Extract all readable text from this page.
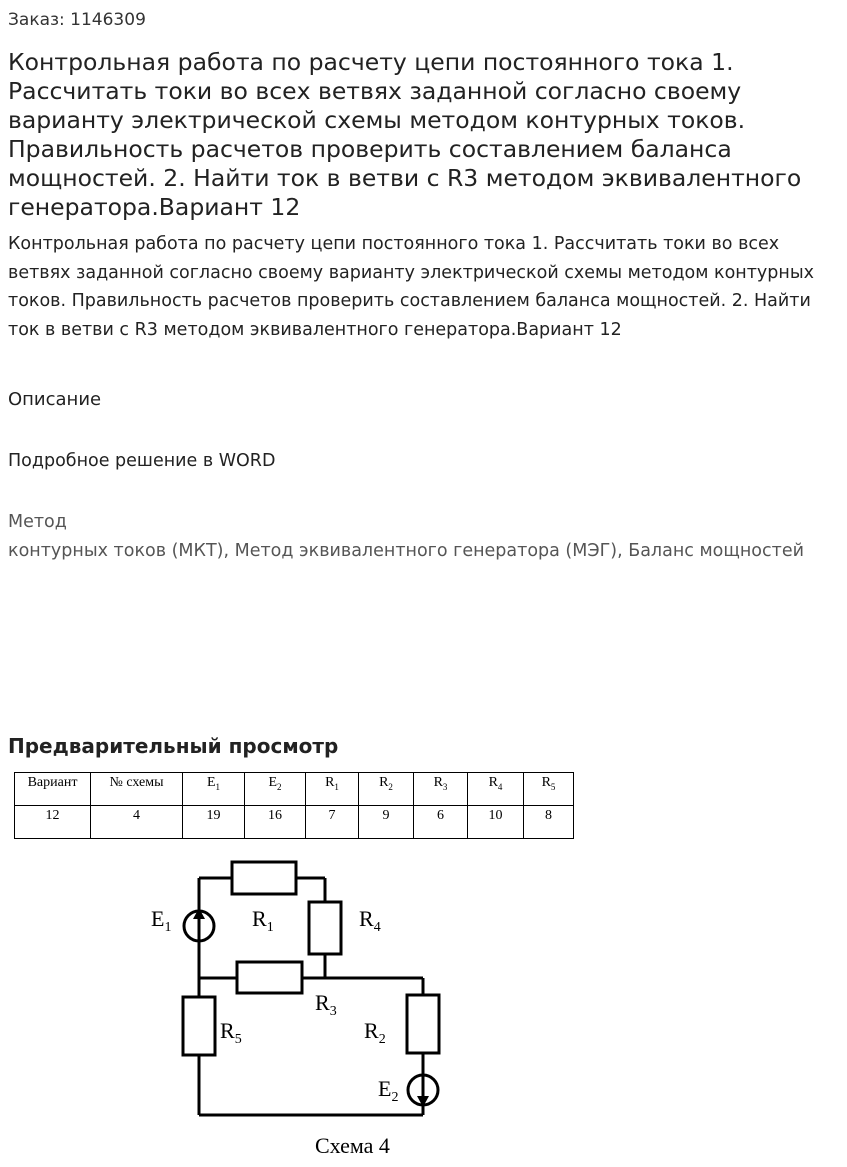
Заказ: 1146309
Контрольная работа по расчету цепи постоянного тока 1. Рассчитать токи во всех ветвях заданной согласно своему варианту электрической схемы методом контурных токов. Правильность расчетов проверить составлением баланса мощностей. 2. Найти ток в ветви с R3 методом эквивалентного генератора.Вариант 12
Контрольная работа по расчету цепи постоянного тока 1. Рассчитать токи во всех ветвях заданной согласно своему варианту электрической схемы методом контурных токов. Правильность расчетов проверить составлением баланса мощностей. 2. Найти ток в ветви с R3 методом эквивалентного генератора.Вариант 12
Описание
Подробное решение в WORD
Метод
контурных токов (МКТ), Метод эквивалентного генератора (МЭГ), Баланс мощностей
Предварительный просмотр
Вариант	№ схемы	$E_1$	$E_2$	$R_1$	$R_2$	$R_3$	$R_4$	$R_5$
12	4	19	16	7	9	6	10	8
$E_1$	$R_1$	$R_4$
$R_3$
$R_5$	$R_2$
$E_2$
Схема 4
